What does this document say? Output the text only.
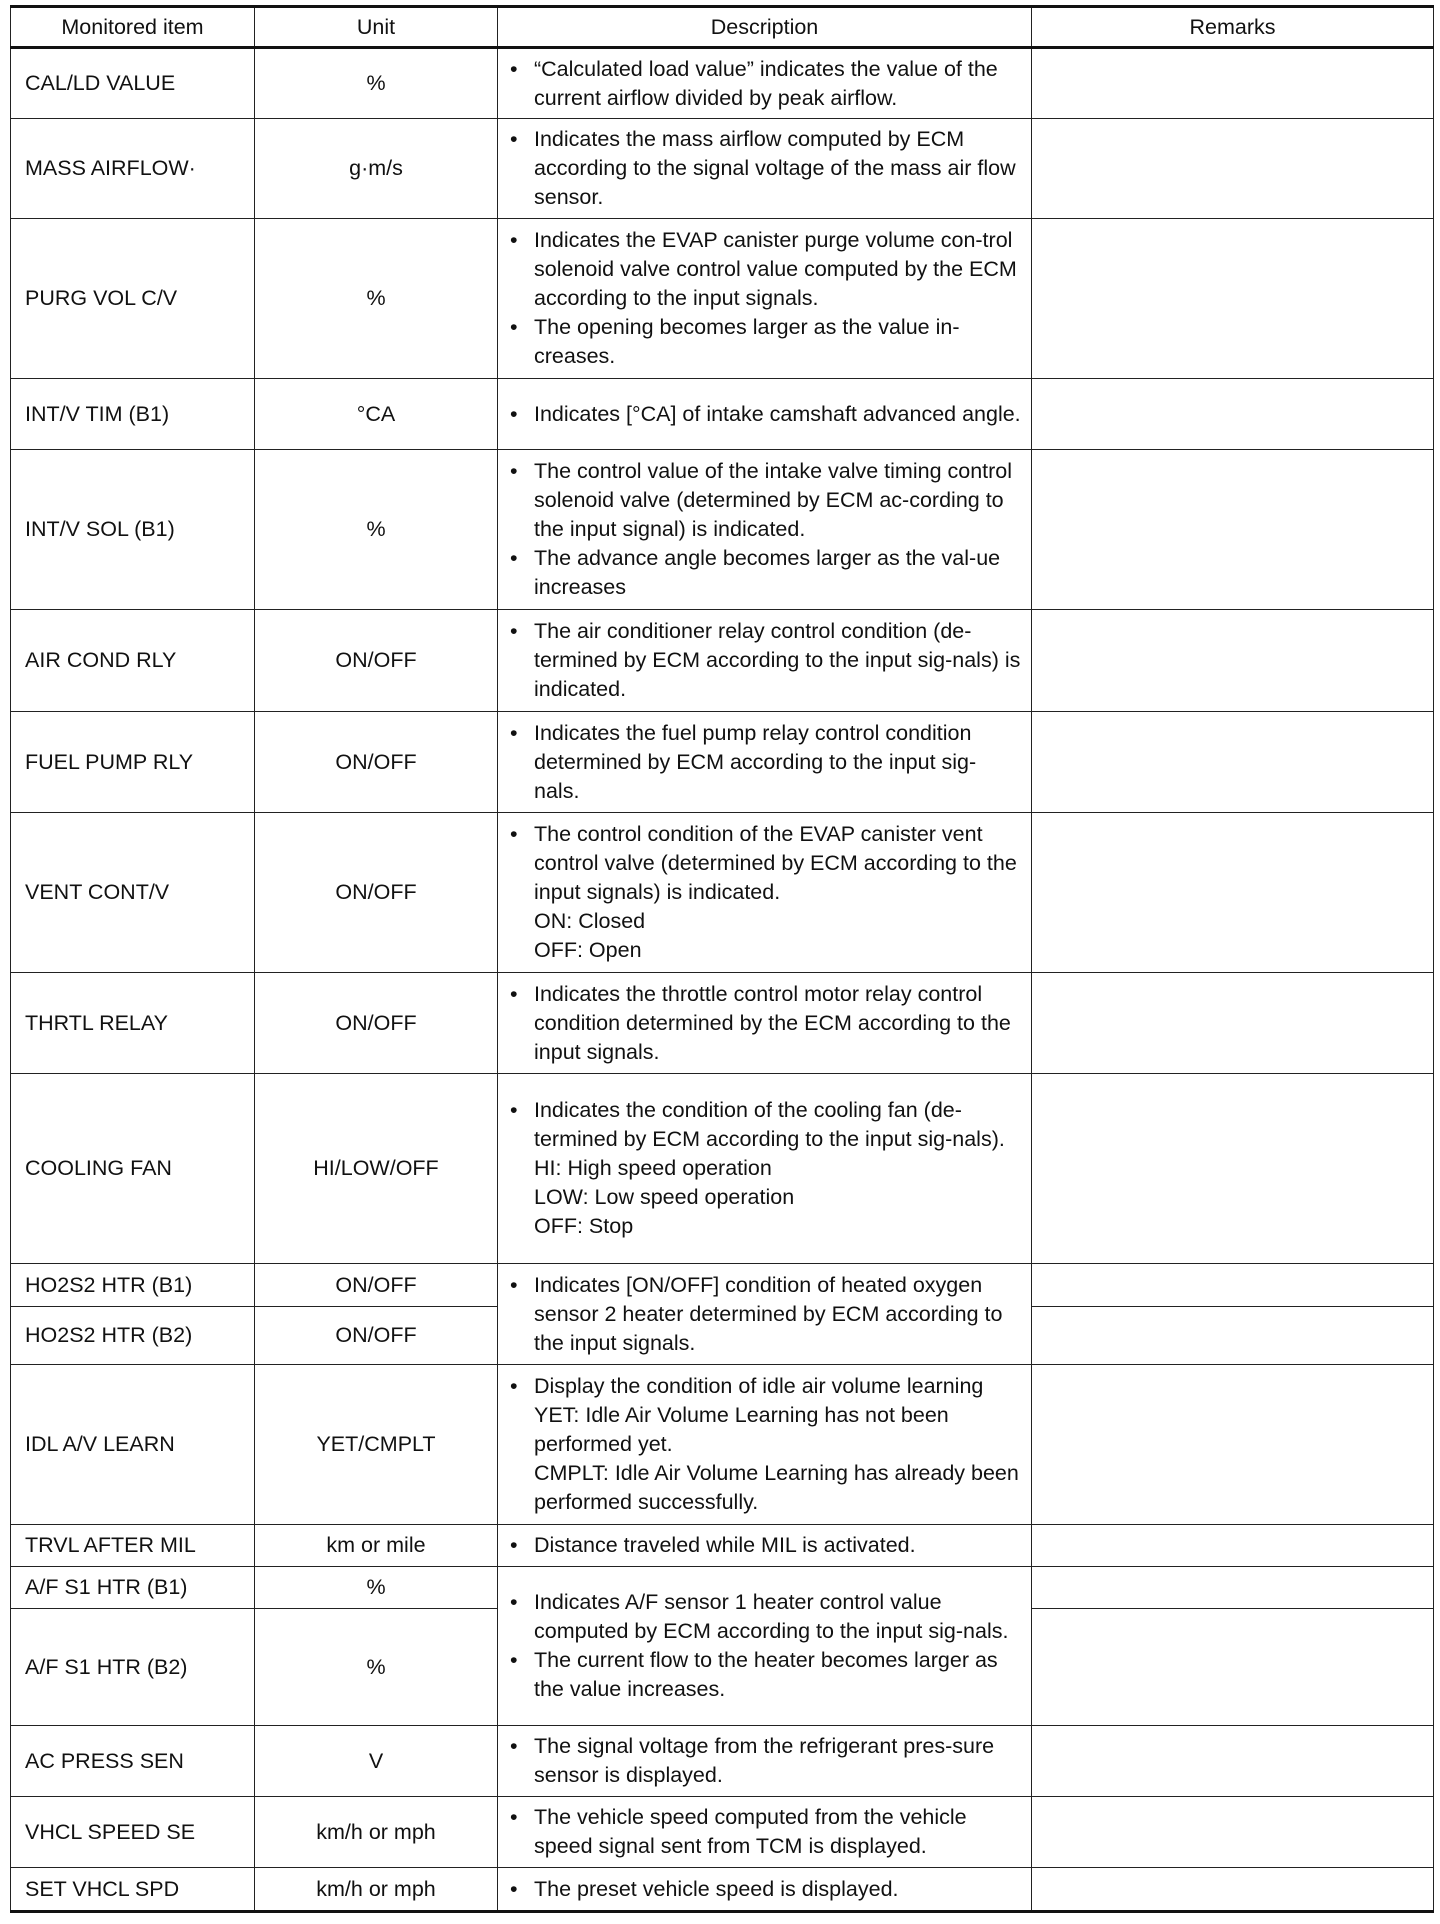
Monitored item	Unit	Description	Remarks
CAL/LD VALUE	%	• “Calculated load value” indicates the value of the current airflow divided by peak airflow.	

MASS AIRFLOW·	g·m/s	• Indicates the mass airflow computed by ECM according to the signal voltage of the mass air flow sensor.	

PURG VOL C/V	%	• Indicates the EVAP canister purge volume con-trol solenoid valve control value computed by the ECM according to the input signals.
• The opening becomes larger as the value in-creases.	

INT/V TIM (B1)	°CA	• Indicates [°CA] of intake camshaft advanced angle.	

INT/V SOL (B1)	%	• The control value of the intake valve timing control solenoid valve (determined by ECM ac-cording to the input signal) is indicated.
• The advance angle becomes larger as the val-ue increases	

AIR COND RLY	ON/OFF	• The air conditioner relay control condition (de-termined by ECM according to the input sig-nals) is indicated.	

FUEL PUMP RLY	ON/OFF	• Indicates the fuel pump relay control condition determined by ECM according to the input sig-nals.	

VENT CONT/V	ON/OFF	• The control condition of the EVAP canister vent control valve (determined by ECM according to the input signals) is indicated.
ON: Closed
OFF: Open	

THRTL RELAY	ON/OFF	• Indicates the throttle control motor relay control condition determined by the ECM according to the input signals.	

COOLING FAN	HI/LOW/OFF	• Indicates the condition of the cooling fan (de-termined by ECM according to the input sig-nals).
HI: High speed operation
LOW: Low speed operation
OFF: Stop	

HO2S2 HTR (B1)	ON/OFF	• Indicates [ON/OFF] condition of heated oxygen sensor 2 heater determined by ECM according to the input signals.	

HO2S2 HTR (B2)	ON/OFF		
IDL A/V LEARN	YET/CMPLT	• Display the condition of idle air volume learning
YET: Idle Air Volume Learning has not been performed yet.
CMPLT: Idle Air Volume Learning has already been performed successfully.	

TRVL AFTER MIL	km or mile	• Distance traveled while MIL is activated.	

A/F S1 HTR (B1)	%	• Indicates A/F sensor 1 heater control value computed by ECM according to the input sig-nals.
• The current flow to the heater becomes larger as the value increases.	

A/F S1 HTR (B2)	%		
AC PRESS SEN	V	• The signal voltage from the refrigerant pres-sure sensor is displayed.	

VHCL SPEED SE	km/h or mph	• The vehicle speed computed from the vehicle speed signal sent from TCM is displayed.	

SET VHCL SPD	km/h or mph	• The preset vehicle speed is displayed.	
